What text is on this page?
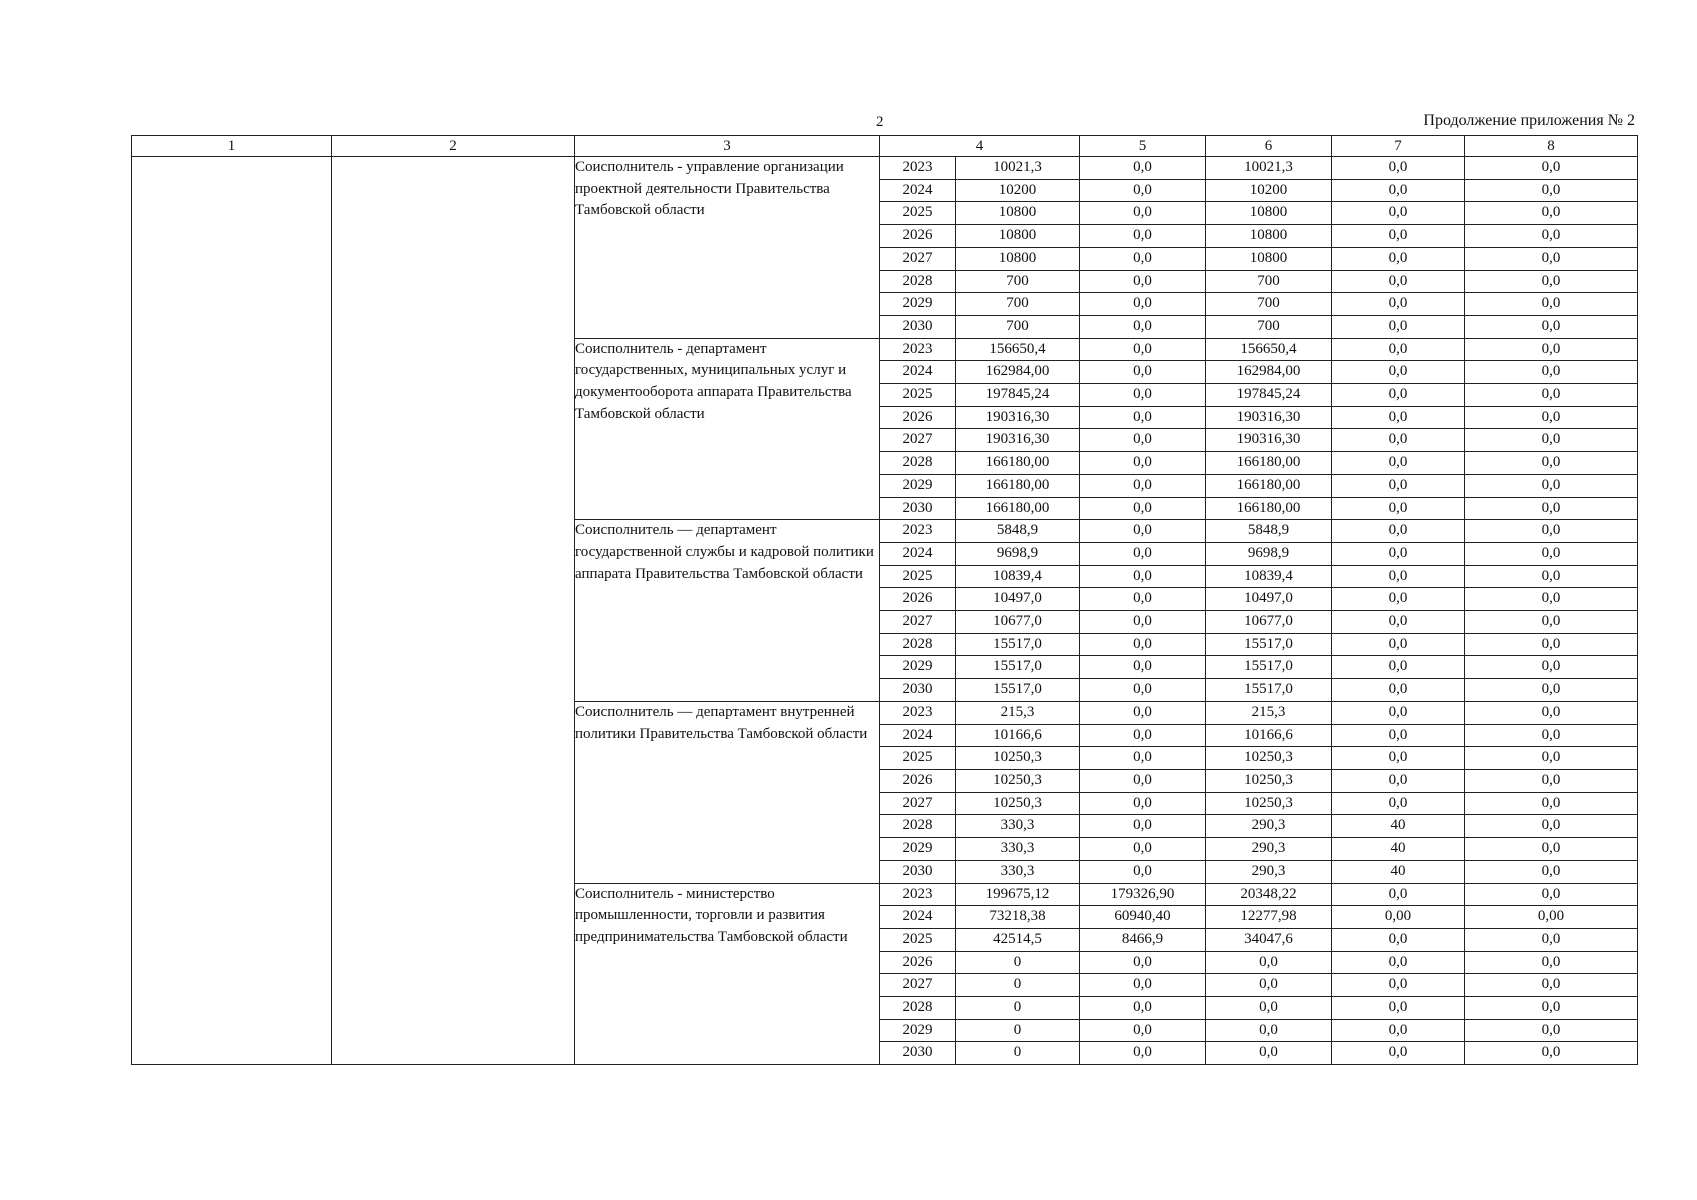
2	Продолжение приложения № 2
1	2	3	4		5	6	7	8
		Соисполнитель - управление организации проектной деятельности Правительства Тамбовской области	2023	10021,3	0,0	10021,3	0,0	0,0
			2024	10200	0,0	10200	0,0	0,0
			2025	10800	0,0	10800	0,0	0,0
			2026	10800	0,0	10800	0,0	0,0
			2027	10800	0,0	10800	0,0	0,0
			2028	700	0,0	700	0,0	0,0
			2029	700	0,0	700	0,0	0,0
			2030	700	0,0	700	0,0	0,0
		Соисполнитель - департамент государственных, муниципальных услуг и документооборота аппарата Правительства Тамбовской области	2023	156650,4	0,0	156650,4	0,0	0,0
			2024	162984,00	0,0	162984,00	0,0	0,0
			2025	197845,24	0,0	197845,24	0,0	0,0
			2026	190316,30	0,0	190316,30	0,0	0,0
			2027	190316,30	0,0	190316,30	0,0	0,0
			2028	166180,00	0,0	166180,00	0,0	0,0
			2029	166180,00	0,0	166180,00	0,0	0,0
			2030	166180,00	0,0	166180,00	0,0	0,0
		Соисполнитель — департамент государственной службы и кадровой политики аппарата Правительства Тамбовской области	2023	5848,9	0,0	5848,9	0,0	0,0
			2024	9698,9	0,0	9698,9	0,0	0,0
			2025	10839,4	0,0	10839,4	0,0	0,0
			2026	10497,0	0,0	10497,0	0,0	0,0
			2027	10677,0	0,0	10677,0	0,0	0,0
			2028	15517,0	0,0	15517,0	0,0	0,0
			2029	15517,0	0,0	15517,0	0,0	0,0
			2030	15517,0	0,0	15517,0	0,0	0,0
		Соисполнитель — департамент внутренней политики Правительства Тамбовской области	2023	215,3	0,0	215,3	0,0	0,0
			2024	10166,6	0,0	10166,6	0,0	0,0
			2025	10250,3	0,0	10250,3	0,0	0,0
			2026	10250,3	0,0	10250,3	0,0	0,0
			2027	10250,3	0,0	10250,3	0,0	0,0
			2028	330,3	0,0	290,3	40	0,0
			2029	330,3	0,0	290,3	40	0,0
			2030	330,3	0,0	290,3	40	0,0
		Соисполнитель - министерство промышленности, торговли и развития предпринимательства Тамбовской области	2023	199675,12	179326,90	20348,22	0,0	0,0
			2024	73218,38	60940,40	12277,98	0,00	0,00
			2025	42514,5	8466,9	34047,6	0,0	0,0
			2026	0	0,0	0,0	0,0	0,0
			2027	0	0,0	0,0	0,0	0,0
			2028	0	0,0	0,0	0,0	0,0
			2029	0	0,0	0,0	0,0	0,0
			2030	0	0,0	0,0	0,0	0,0
